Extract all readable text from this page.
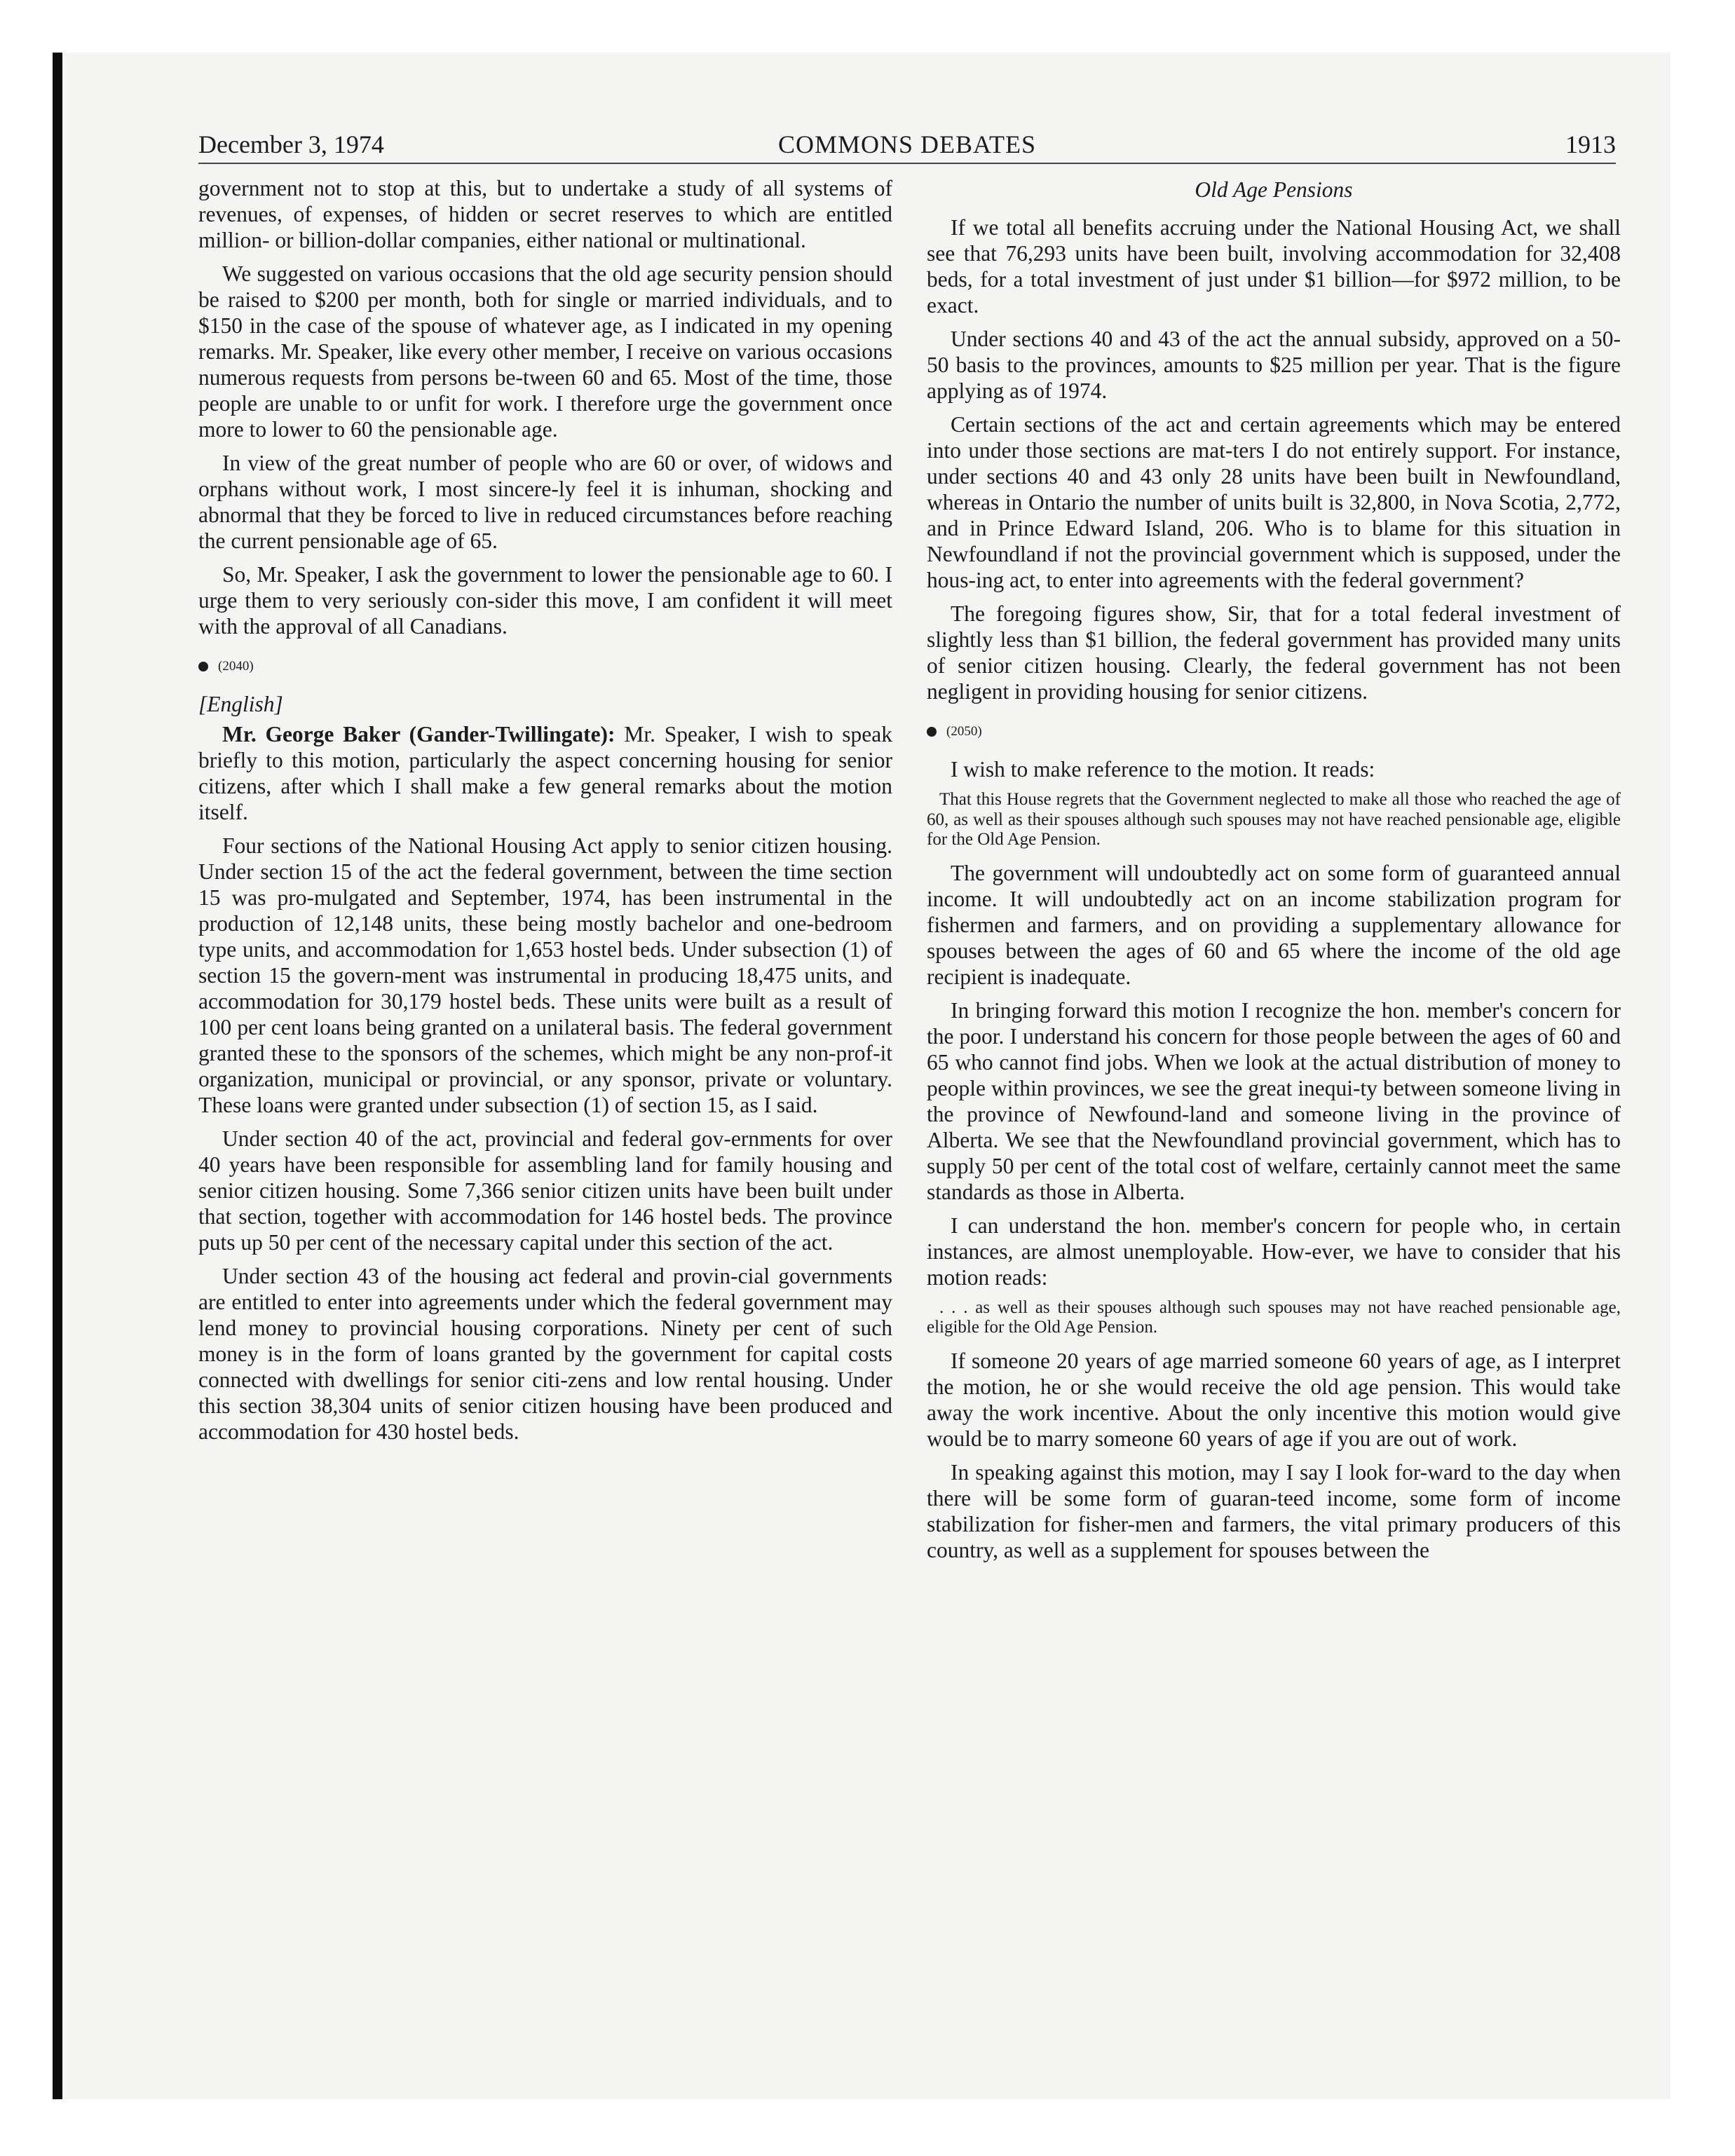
COMMONS DEBATES
December 3, 1974	1913

government not to stop at this, but to undertake a study of all systems of revenues, of expenses, of hidden or secret reserves to which are entitled million- or billion-dollar companies, either national or multinational.

We suggested on various occasions that the old age security pension should be raised to $200 per month, both for single or married individuals, and to $150 in the case of the spouse of whatever age, as I indicated in my opening remarks. Mr. Speaker, like every other member, I receive on various occasions numerous requests from persons be-tween 60 and 65. Most of the time, those people are unable to or unfit for work. I therefore urge the government once more to lower to 60 the pensionable age.

In view of the great number of people who are 60 or over, of widows and orphans without work, I most sincere-ly feel it is inhuman, shocking and abnormal that they be forced to live in reduced circumstances before reaching the current pensionable age of 65.

So, Mr. Speaker, I ask the government to lower the pensionable age to 60. I urge them to very seriously con-sider this move, I am confident it will meet with the approval of all Canadians.

(2040)
[English]

Mr. George Baker (Gander-Twillingate): Mr. Speaker, I wish to speak briefly to this motion, particularly the aspect concerning housing for senior citizens, after which I shall make a few general remarks about the motion itself.

Four sections of the National Housing Act apply to senior citizen housing. Under section 15 of the act the federal government, between the time section 15 was pro-mulgated and September, 1974, has been instrumental in the production of 12,148 units, these being mostly bachelor and one-bedroom type units, and accommodation for 1,653 hostel beds. Under subsection (1) of section 15 the govern-ment was instrumental in producing 18,475 units, and accommodation for 30,179 hostel beds. These units were built as a result of 100 per cent loans being granted on a unilateral basis. The federal government granted these to the sponsors of the schemes, which might be any non-prof-it organization, municipal or provincial, or any sponsor, private or voluntary. These loans were granted under subsection (1) of section 15, as I said.

Under section 40 of the act, provincial and federal gov-ernments for over 40 years have been responsible for assembling land for family housing and senior citizen housing. Some 7,366 senior citizen units have been built under that section, together with accommodation for 146 hostel beds. The province puts up 50 per cent of the necessary capital under this section of the act.

Under section 43 of the housing act federal and provin-cial governments are entitled to enter into agreements under which the federal government may lend money to provincial housing corporations. Ninety per cent of such money is in the form of loans granted by the government for capital costs connected with dwellings for senior citi-zens and low rental housing. Under this section 38,304 units of senior citizen housing have been produced and accommodation for 430 hostel beds.

Old Age Pensions

If we total all benefits accruing under the National Housing Act, we shall see that 76,293 units have been built, involving accommodation for 32,408 beds, for a total investment of just under $1 billion—for $972 million, to be exact.

Under sections 40 and 43 of the act the annual subsidy, approved on a 50-50 basis to the provinces, amounts to $25 million per year. That is the figure applying as of 1974.

Certain sections of the act and certain agreements which may be entered into under those sections are mat-ters I do not entirely support. For instance, under sections 40 and 43 only 28 units have been built in Newfoundland, whereas in Ontario the number of units built is 32,800, in Nova Scotia, 2,772, and in Prince Edward Island, 206. Who is to blame for this situation in Newfoundland if not the provincial government which is supposed, under the hous-ing act, to enter into agreements with the federal government?

The foregoing figures show, Sir, that for a total federal investment of slightly less than $1 billion, the federal government has provided many units of senior citizen housing. Clearly, the federal government has not been negligent in providing housing for senior citizens.

(2050)

I wish to make reference to the motion. It reads:

That this House regrets that the Government neglected to make all those who reached the age of 60, as well as their spouses although such spouses may not have reached pensionable age, eligible for the Old Age Pension.

The government will undoubtedly act on some form of guaranteed annual income. It will undoubtedly act on an income stabilization program for fishermen and farmers, and on providing a supplementary allowance for spouses between the ages of 60 and 65 where the income of the old age recipient is inadequate.

In bringing forward this motion I recognize the hon. member's concern for the poor. I understand his concern for those people between the ages of 60 and 65 who cannot find jobs. When we look at the actual distribution of money to people within provinces, we see the great inequi-ty between someone living in the province of Newfound-land and someone living in the province of Alberta. We see that the Newfoundland provincial government, which has to supply 50 per cent of the total cost of welfare, certainly cannot meet the same standards as those in Alberta.

I can understand the hon. member's concern for people who, in certain instances, are almost unemployable. How-ever, we have to consider that his motion reads:

. . . as well as their spouses although such spouses may not have reached pensionable age, eligible for the Old Age Pension.

If someone 20 years of age married someone 60 years of age, as I interpret the motion, he or she would receive the old age pension. This would take away the work incentive. About the only incentive this motion would give would be to marry someone 60 years of age if you are out of work.

In speaking against this motion, may I say I look for-ward to the day when there will be some form of guaran-teed income, some form of income stabilization for fisher-men and farmers, the vital primary producers of this country, as well as a supplement for spouses between the
